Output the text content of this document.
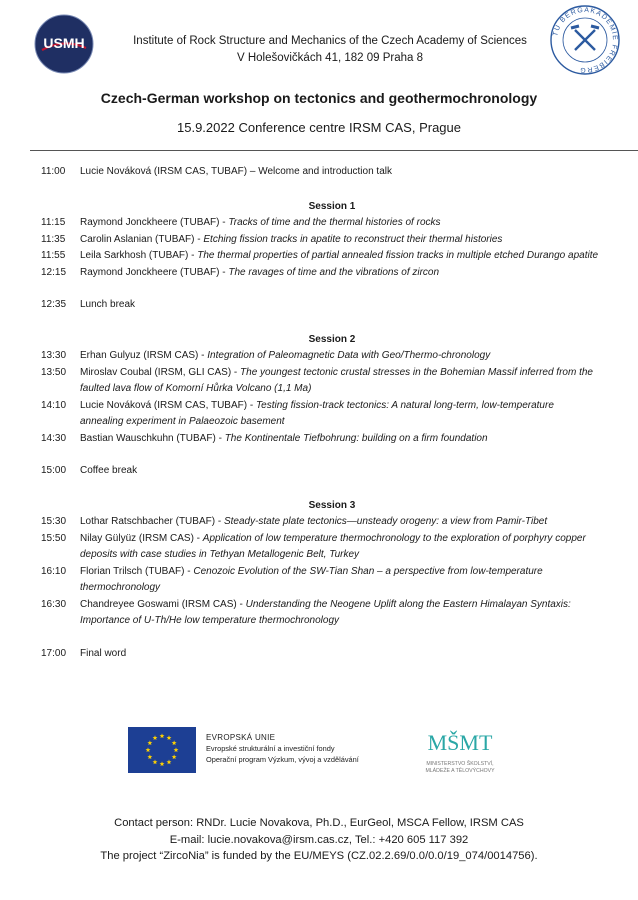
USMH	Institute of Rock Structure and Mechanics of the Czech Academy of Sciences
V Holešovičkách 41, 182 09 Praha 8
TU BERGAKADEMIE FREIBERG
Czech-German workshop on tectonics and geothermochronology
15.9.2022 Conference centre IRSM CAS, Prague
11:00	Lucie Nováková (IRSM CAS, TUBAF) – Welcome and introduction talk
Session 1
11:15	Raymond Jonckheere (TUBAF) - Tracks of time and the thermal histories of rocks
11:35	Carolin Aslanian (TUBAF) - Etching fission tracks in apatite to reconstruct their thermal histories
11:55	Leila Sarkhosh (TUBAF) - The thermal properties of partial annealed fission tracks in multiple etched Durango apatite
12:15	Raymond Jonckheere (TUBAF) - The ravages of time and the vibrations of zircon
12:35	Lunch break
Session 2
13:30	Erhan Gulyuz (IRSM CAS) - Integration of Paleomagnetic Data with Geo/Thermo-chronology
13:50	Miroslav Coubal (IRSM, GLI CAS) - The youngest tectonic crustal stresses in the Bohemian Massif inferred from the faulted lava flow of Komorní Hůrka Volcano (1,1 Ma)
14:10	Lucie Nováková (IRSM CAS, TUBAF) - Testing fission-track tectonics: A natural long-term, low-temperature annealing experiment in Palaeozoic basement
14:30	Bastian Wauschkuhn (TUBAF) - The Kontinentale Tiefbohrung: building on a firm foundation
15:00	Coffee break
Session 3
15:30	Lothar Ratschbacher (TUBAF) - Steady-state plate tectonics—unsteady orogeny: a view from Pamir-Tibet
15:50	Nilay Gülyüz (IRSM CAS) - Application of low temperature thermochronology to the exploration of porphyry copper deposits with case studies in Tethyan Metallogenic Belt, Turkey
16:10	Florian Trilsch (TUBAF) - Cenozoic Evolution of the SW-Tian Shan – a perspective from low-temperature thermochronology
16:30	Chandreyee Goswami (IRSM CAS) - Understanding the Neogene Uplift along the Eastern Himalayan Syntaxis: Importance of U-Th/He low temperature thermochronology
17:00	Final word
EVROPSKÁ UNIE
Evropské strukturální a investiční fondy
Operační program Výzkum, vývoj a vzdělávání
MŠMT
MINISTERSTVO ŠKOLSTVÍ,
MLÁDEŽE A TĚLOVÝCHOVY
Contact person: RNDr. Lucie Novakova, Ph.D., EurGeol, MSCA Fellow, IRSM CAS
E-mail: lucie.novakova@irsm.cas.cz, Tel.: +420 605 117 392
The project “ZircoNia” is funded by the EU/MEYS (CZ.02.2.69/0.0/0.0/19_074/0014756).
